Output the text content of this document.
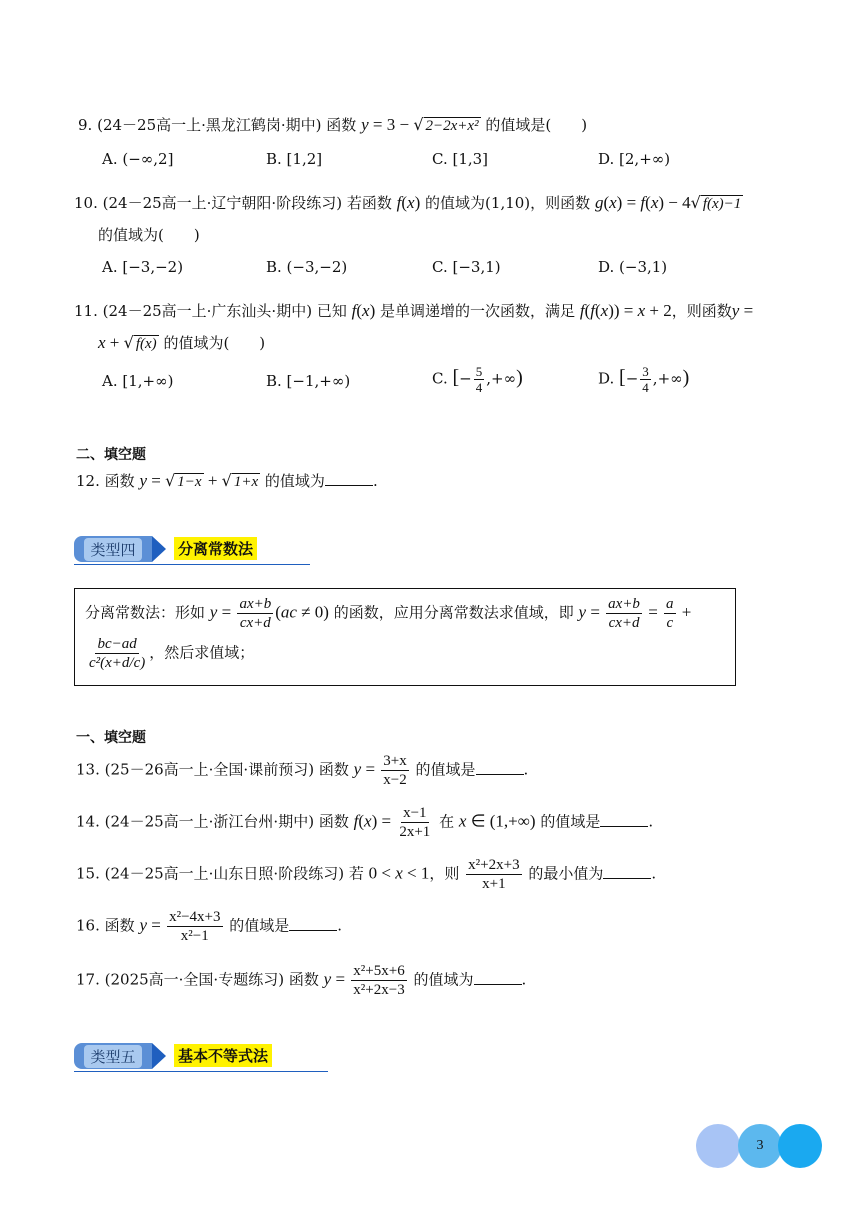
9. (24－25高一上·黑龙江鹤岗·期中) 函数 y = 3 − √ 2−2x+x² 的值域是(　　)
A. (−∞,2]	B. [1,2]	C. [1,3]	D. [2,+∞)
10. (24－25高一上·辽宁朝阳·阶段练习) 若函数 f(x) 的值域为(1,10)，则函数 g(x) = f(x) − 4√ f(x)−1
的值域为(　　)
A. [−3,−2)	B. (−3,−2)	C. [−3,1)	D. (−3,1)
11. (24－25高一上·广东汕头·期中) 已知 f(x) 是单调递增的一次函数，满足 f(f(x)) = x + 2，则函数y =
x + √ f(x) 的值域为(　　)
A. [1,+∞)	B. [−1,+∞)	C. [− $\frac{5}{4}$ ,+∞)	D. [− $\frac{3}{4}$ ,+∞)
二、填空题
12. 函数 y = √ 1−x + √ 1+x 的值域为	.
类型四	分离常数法
分离常数法：形如 $y = \frac{ax+b}{cx+d} (ac \ne 0)$ 的函数，应用分离常数法求值域，即 $y = \frac{ax+b}{cx+d} = \frac{a}{c}$ +
$\frac{bc-ad}{\text{c²(x+d/c)}}$ ，然后求值域；
一、填空题
13. (25－26高一上·全国·课前预习) 函数 $y = \frac{3+x}{x-2}$ 的值域是	.
14. (24－25高一上·浙江台州·期中) 函数 $f(x) = \frac{x-1}{2x+1}$ 在 x ∈ (1,+∞) 的值域是	.
15. (24－25高一上·山东日照·阶段练习) 若 0 < x < 1，则 $\frac{\text{x²+2x+3}}{x+1}$ 的最小值为	.
16. 函数 $y = \frac{\text{x²−4x+3}}{\text{x²−1}}$ 的值域是	.
17. (2025高一·全国·专题练习) 函数 $y = \frac{\text{x²+5x+6}}{\text{x²+2x−3}}$ 的值域为	.
类型五	基本不等式法
3
